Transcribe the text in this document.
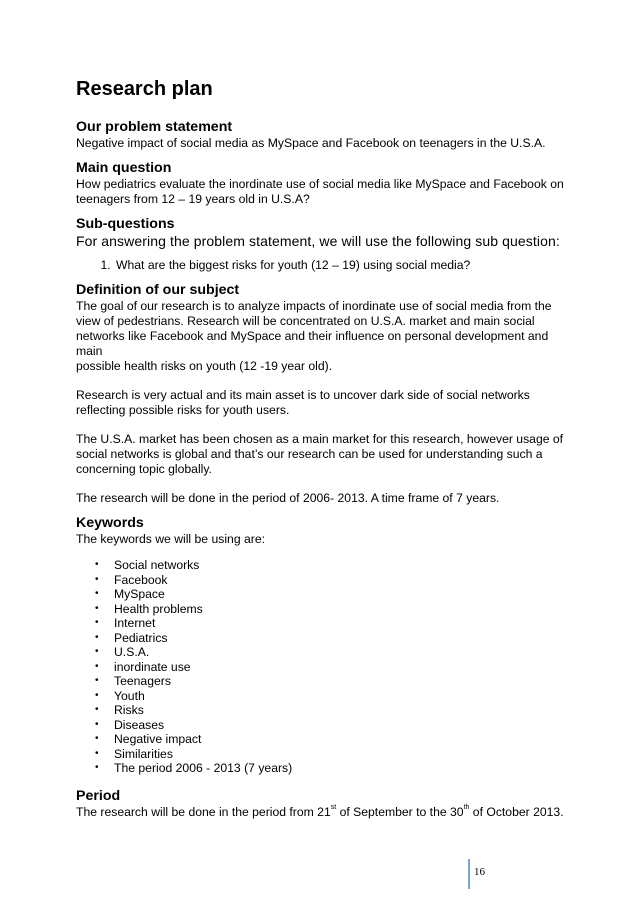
Research plan
Our problem statement

Negative impact of social media as MySpace and Facebook on teenagers in the U.S.A.

Main question

How pediatrics evaluate the inordinate use of social media like MySpace and Facebook on
teenagers from 12 – 19 years old in U.S.A?

Sub-questions

For answering the problem statement, we will use the following sub question:

1. What are the biggest risks for youth (12 – 19) using social media?
Definition of our subject

The goal of our research is to analyze impacts of inordinate use of social media from the
view of pedestrians. Research will be concentrated on U.S.A. market and main social
networks like Facebook and MySpace and their influence on personal development and main
possible health risks on youth (12 -19 year old).

Research is very actual and its main asset is to uncover dark side of social networks
reflecting possible risks for youth users.

The U.S.A. market has been chosen as a main market for this research, however usage of
social networks is global and that’s our research can be used for understanding such a
concerning topic globally.

The research will be done in the period of 2006- 2013. A time frame of 7 years.

Keywords

The keywords we will be using are:

• Social networks
• Facebook
• MySpace
• Health problems
• Internet
• Pediatrics
• U.S.A.
• inordinate use
• Teenagers
• Youth
• Risks
• Diseases
• Negative impact
• Similarities
• The period 2006 - 2013 (7 years)
Period

The research will be done in the period from 21st of September to the 30th of October 2013.

16
